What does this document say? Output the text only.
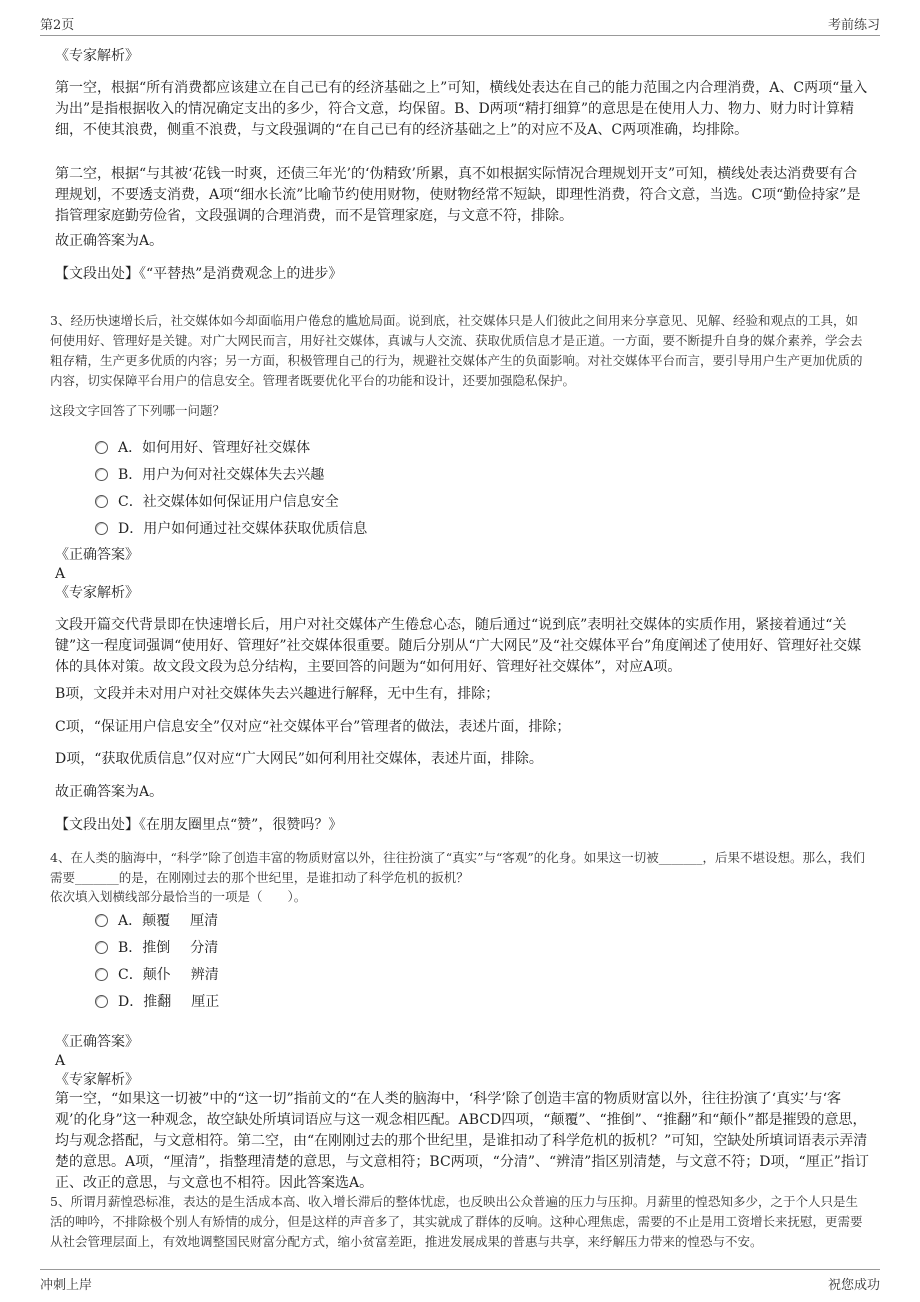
第2页	考前练习
www.

《专家解析》

第一空，根据“所有消费都应该建立在自己已有的经济基础之上”可知，横线处表达在自己的能力范围之内合理消费，A、C两项“量入为出”是指根据收入的情况确定支出的多少，符合文意，均保留。B、D两项“精打细算”的意思是在使用人力、物力、财力时计算精细，不使其浪费，侧重不浪费，与文段强调的“在自己已有的经济基础之上”的对应不及A、C两项准确，均排除。

第二空，根据“与其被‘花钱一时爽，还债三年光’的‘伪精致’所累，真不如根据实际情况合理规划开支”可知，横线处表达消费要有合理规划，不要透支消费，A项“细水长流”比喻节约使用财物，使财物经常不短缺，即理性消费，符合文意，当选。C项“勤俭持家”是指管理家庭勤劳俭省，文段强调的合理消费，而不是管理家庭，与文意不符，排除。

故正确答案为A。

【文段出处】《“平替热”是消费观念上的进步》

3、经历快速增长后，社交媒体如今却面临用户倦怠的尴尬局面。说到底，社交媒体只是人们彼此之间用来分享意见、见解、经验和观点的工具，如何使用好、管理好是关键。对广大网民而言，用好社交媒体，真诚与人交流、获取优质信息才是正道。一方面，要不断提升自身的媒介素养，学会去粗存精，生产更多优质的内容；另一方面，积极管理自己的行为，规避社交媒体产生的负面影响。对社交媒体平台而言，要引导用户生产更加优质的内容，切实保障平台用户的信息安全。管理者既要优化平台的功能和设计，还要加强隐私保护。

这段文字回答了下列哪一问题？

A．如何用好、管理好社交媒体
B．用户为何对社交媒体失去兴趣
C．社交媒体如何保证用户信息安全
D．用户如何通过社交媒体获取优质信息

《正确答案》

A

《专家解析》

文段开篇交代背景即在快速增长后，用户对社交媒体产生倦怠心态，随后通过“说到底”表明社交媒体的实质作用，紧接着通过“关键”这一程度词强调“使用好、管理好”社交媒体很重要。随后分别从“广大网民”及“社交媒体平台”角度阐述了使用好、管理好社交媒体的具体对策。故文段文段为总分结构，主要回答的问题为“如何用好、管理好社交媒体”，对应A项。

B项，文段并未对用户对社交媒体失去兴趣进行解释，无中生有，排除；

C项，“保证用户信息安全”仅对应“社交媒体平台”管理者的做法，表述片面，排除；

D项，“获取优质信息”仅对应“广大网民”如何利用社交媒体，表述片面，排除。

故正确答案为A。

【文段出处】《在朋友圈里点“赞”，很赞吗？》

4、在人类的脑海中，“科学”除了创造丰富的物质财富以外，往往扮演了“真实”与“客观”的化身。如果这一切被_______，后果不堪设想。那么，我们需要_______的是，在刚刚过去的那个世纪里，是谁扣动了科学危机的扳机？

依次填入划横线部分最恰当的一项是（　　）。

A． 颠覆 厘清
B． 推倒 分清
C． 颠仆 辨清
D． 推翻 厘正

《正确答案》

A

《专家解析》

第一空，“如果这一切被”中的“这一切”指前文的“在人类的脑海中，‘科学’除了创造丰富的物质财富以外，往往扮演了‘真实’与‘客观’的化身”这一种观念，故空缺处所填词语应与这一观念相匹配。ABCD四项，“颠覆”、“推倒”、“推翻”和“颠仆”都是摧毁的意思，均与观念搭配，与文意相符。第二空，由“在刚刚过去的那个世纪里，是谁扣动了科学危机的扳机？”可知，空缺处所填词语表示弄清楚的意思。A项，“厘清”，指整理清楚的意思，与文意相符；BC两项，“分清”、“辨清”指区别清楚，与文意不符；D项，“厘正”指订正、改正的意思，与文意也不相符。因此答案选A。

5、所谓月薪惶恐标准，表达的是生活成本高、收入增长滞后的整体忧虑，也反映出公众普遍的压力与压抑。月薪里的惶恐知多少，之于个人只是生活的呻吟，不排除极个别人有矫情的成分，但是这样的声音多了，其实就成了群体的反响。这种心理焦虑，需要的不止是用工资增长来抚慰，更需要从社会管理层面上，有效地调整国民财富分配方式，缩小贫富差距，推进发展成果的普惠与共享，来纾解压力带来的惶恐与不安。

冲刺上岸	祝您成功
